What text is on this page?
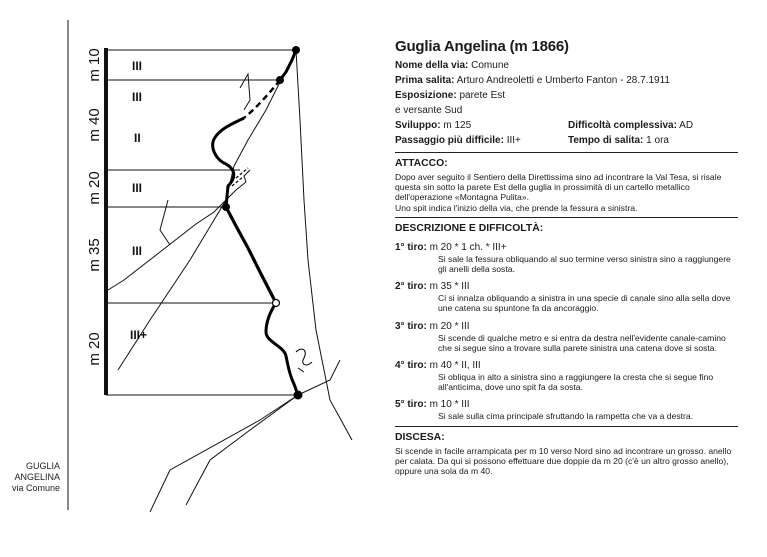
m 10
m 40
m 20
m 35
m 20
III
III
II
III
III
III+
GUGLIA
ANGELINA
via Comune
Guglia Angelina (m 1866)
Nome della via: Comune
Prima salita: Arturo Andreoletti e Umberto Fanton - 28.7.1911
Esposizione: parete Est
e versante Sud
Sviluppo: m 125	Difficoltà complessiva: AD
Passaggio più difficile: III+	Tempo di salita: 1 ora
ATTACCO:
Dopo aver seguito il Sentiero della Direttissima sino ad incontrare la Val Tesa, si risale questa sin sotto la parete Est della guglia in prossimità di un cartello metallico dell'operazione «Montagna Pulita».
Uno spit indica l'inizio della via, che prende la fessura a sinistra.
DESCRIZIONE E DIFFICOLTÀ:
1° tiro: m 20 * 1 ch. * III+
Si sale la fessura obliquando al suo termine verso sinistra sino a raggiungere gli anelli della sosta.
2° tiro: m 35 * III
Ci si innalza obliquando a sinistra in una specie di canale sino alla sella dove une catena su spuntone fa da ancoraggio.
3° tiro: m 20 * III
Si scende di qualche metro e si entra da destra nell'evidente canale-camino che si segue sino a trovare sulla parete sinistra una catena dove si sosta.
4° tiro: m 40 * II, III
Si obliqua in alto a sinistra sino a raggiungere la cresta che si segue fino all'anticima, dove uno spit fa da sosta.
5° tiro: m 10 * III
Si sale sulla cima principale sfruttando la rampetta che va a destra.
DISCESA:
Si scende in facile arrampicata per m 10 verso Nord sino ad incontrare un grosso. anello per calata. Da qui si possono effettuare due doppie da m 20 (c'è un altro grosso anello), oppure una sola da m 40.
